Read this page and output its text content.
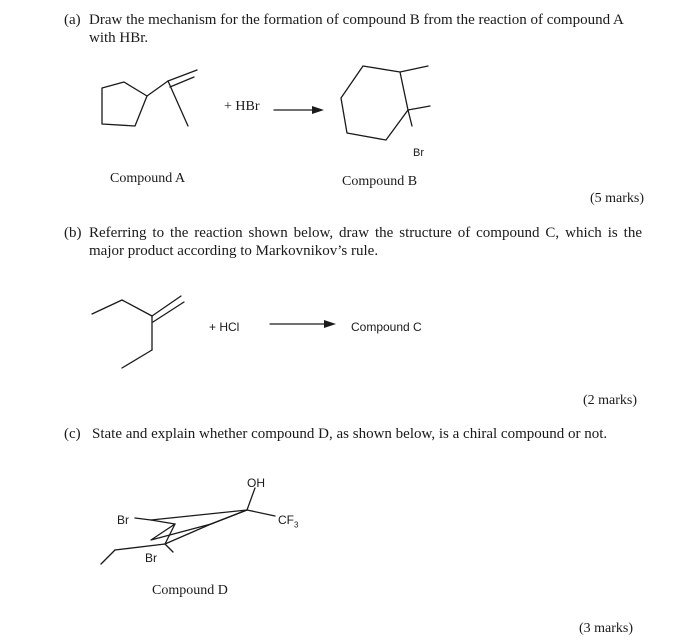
(a) Draw the mechanism for the formation of compound B from the reaction of compound A
with HBr.
+ HBr
Br
Compound A	Compound B
(5 marks)
(b) Referring to the reaction shown below, draw the structure of compound C, which is the
major product according to Markovnikov’s rule.
+ HCl	Compound C
(2 marks)
(c) State and explain whether compound D, as shown below, is a chiral compound or not.
OH
$CF_3$
Br
Br
Compound D
(3 marks)
